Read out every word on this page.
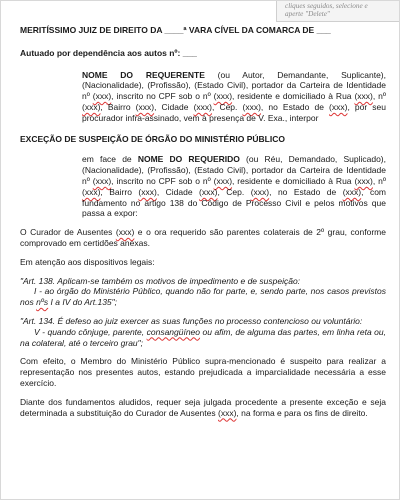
cliques seguidos, selecione e
aperte "Delete"

MERITÍSSIMO JUIZ DE DIREITO DA ____ª VARA CÍVEL DA COMARCA DE ___

Autuado por dependência aos autos nº: ___

NOME DO REQUERENTE (ou Autor, Demandante, Suplicante), (Nacionalidade), (Profissão), (Estado Civil), portador da Carteira de Identidade nº (xxx), inscrito no CPF sob o nº (xxx), residente e domiciliado à Rua (xxx), nº (xxx), Bairro (xxx), Cidade (xxx), Cep. (xxx), no Estado de (xxx), por seu procurador infra-assinado, vem à presença de V. Exa., interpor

EXCEÇÃO DE SUSPEIÇÃO DE ÓRGÃO DO MINISTÉRIO PÚBLICO

em face de NOME DO REQUERIDO (ou Réu, Demandado, Suplicado), (Nacionalidade), (Profissão), (Estado Civil), portador da Carteira de Identidade nº (xxx), inscrito no CPF sob o nº (xxx), residente e domiciliado à Rua (xxx), nº (xxx), Bairro (xxx), Cidade (xxx), Cep. (xxx), no Estado de (xxx), com fundamento no artigo 138 do Código de Processo Civil e pelos motivos que passa a expor:

O Curador de Ausentes (xxx) e o ora requerido são parentes colaterais de 2º grau, conforme comprovado em certidões anexas.

Em atenção aos dispositivos legais:

"Art. 138. Aplicam-se também os motivos de impedimento e de suspeição:

I - ao órgão do Ministério Público, quando não for parte, e, sendo parte, nos casos previstos nos nºs I a IV do Art.135";

"Art. 134. É defeso ao juiz exercer as suas funções no processo contencioso ou voluntário:

V - quando cônjuge, parente, consangüíneo ou afim, de alguma das partes, em linha reta ou, na colateral, até o terceiro grau";

Com efeito, o Membro do Ministério Público supra-mencionado é suspeito para realizar a representação nos presentes autos, estando prejudicada a imparcialidade necessária a esse exercício.

Diante dos fundamentos aludidos, requer seja julgada procedente a presente exceção e seja determinada a substituição do Curador de Ausentes (xxx), na forma e para os fins de direito.
